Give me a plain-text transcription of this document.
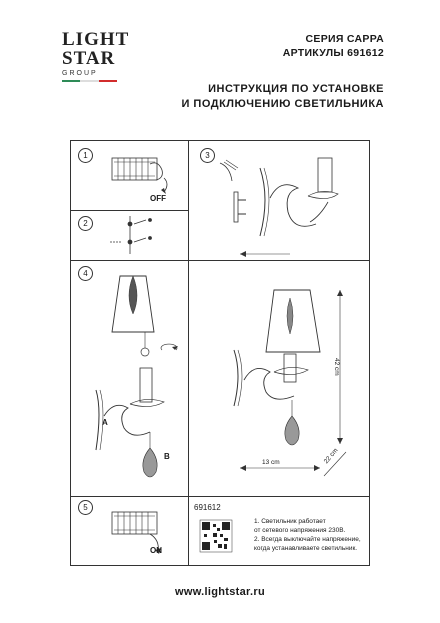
LIGHT
STAR
GROUP
СЕРИЯ САРРА
АРТИКУЛЫ 691612
ИНСТРУКЦИЯ ПО УСТАНОВКЕ
И ПОДКЛЮЧЕНИЮ СВЕТИЛЬНИКА
1
2
3
4
5
OFF
A
B
42 cm
13 cm	22 cm
ON
691612
1. Светильник работает
от сетевого напряжения 230В.
2. Всегда выключайте напряжение,
когда устанавливаете светильник.
www.lightstar.ru
